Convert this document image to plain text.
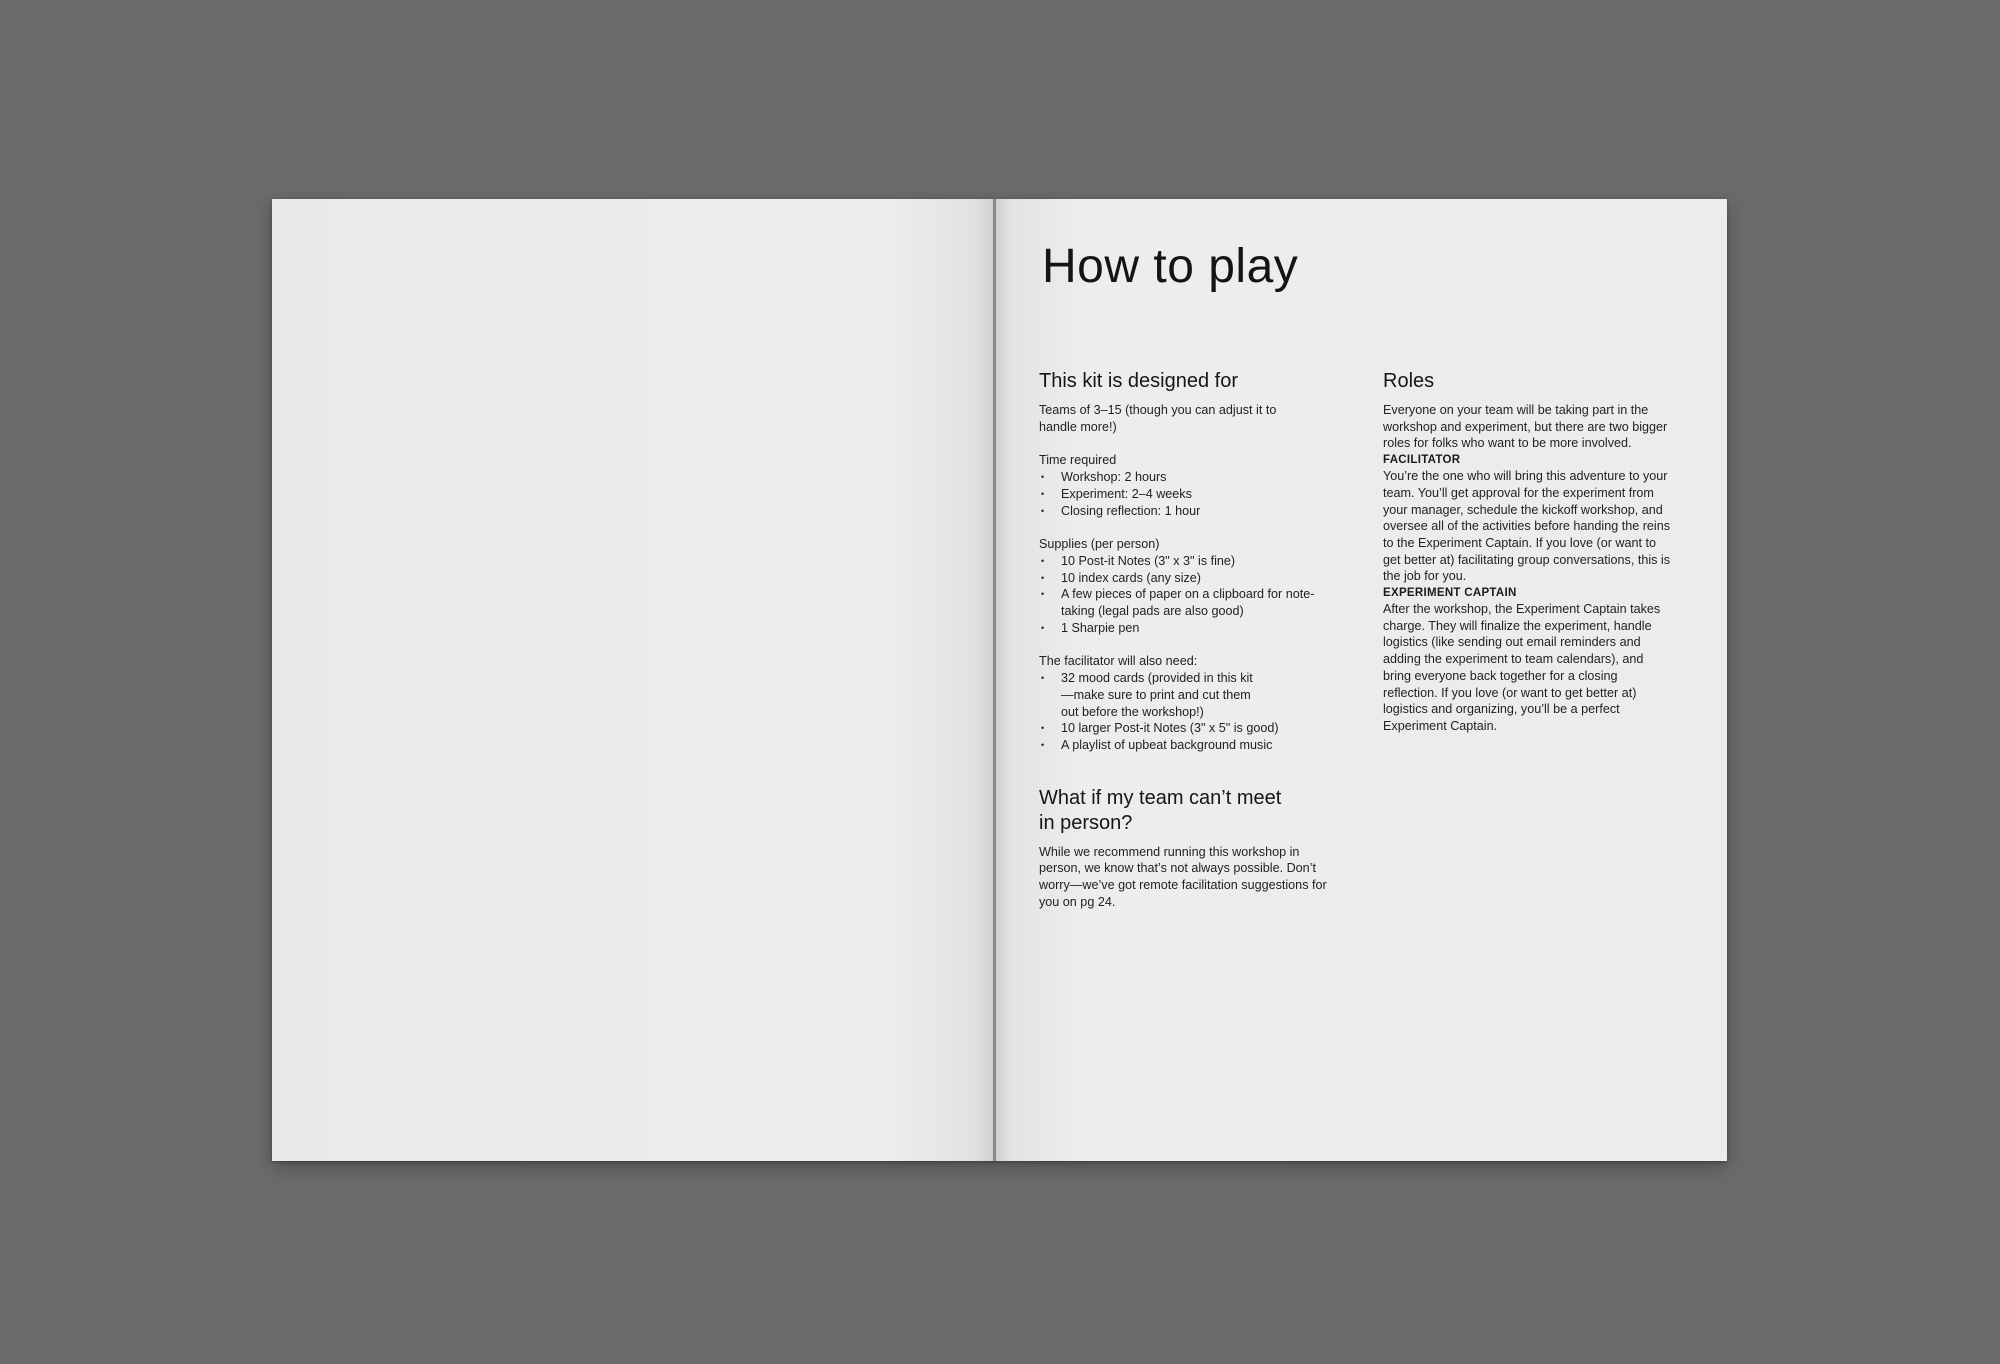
How to play
This kit is designed for

Teams of 3–15 (though you can adjust it to handle more!)

Time required

• Workshop: 2 hours
• Experiment: 2–4 weeks
• Closing reflection: 1 hour

Supplies (per person)

• 10 Post-it Notes (3" x 3" is fine)
• 10 index cards (any size)
• A few pieces of paper on a clipboard for note-taking (legal pads are also good)
• 1 Sharpie pen

The facilitator will also need:

• 32 mood cards (provided in this kit—make sure to print and cut them out before the workshop!)
• 10 larger Post-it Notes (3" x 5" is good)
• A playlist of upbeat background music
What if my team can’t meet in person?

While we recommend running this workshop in person, we know that’s not always possible. Don’t worry—we’ve got remote facilitation suggestions for you on pg 24.

Roles

Everyone on your team will be taking part in the workshop and experiment, but there are two bigger roles for folks who want to be more involved.

FACILITATOR

You’re the one who will bring this adventure to your team. You’ll get approval for the experiment from your manager, schedule the kickoff workshop, and oversee all of the activities before handing the reins to the Experiment Captain. If you love (or want to get better at) facilitating group conversations, this is the job for you.

EXPERIMENT CAPTAIN

After the workshop, the Experiment Captain takes charge. They will finalize the experiment, handle logistics (like sending out email reminders and adding the experiment to team calendars), and bring everyone back together for a closing reflection. If you love (or want to get better at) logistics and organizing, you’ll be a perfect Experiment Captain.
